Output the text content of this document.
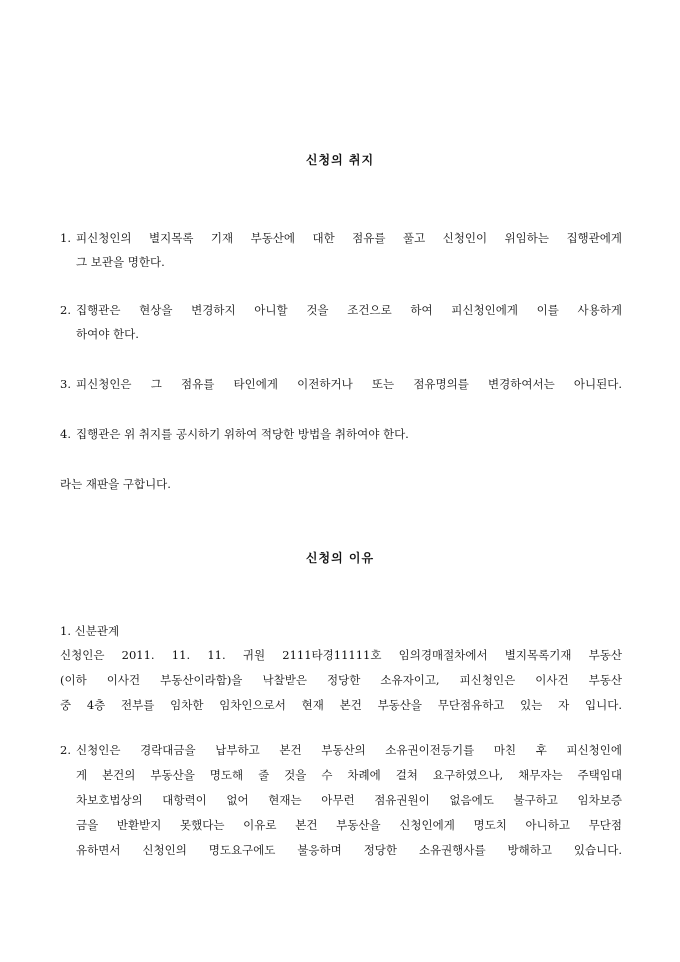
신청의 취지
1. 피신청인의 별지목록 기재 부동산에 대한 점유를 풀고 신청인이 위임하는 집행관에게
그 보관을 명한다.
2. 집행관은 현상을 변경하지 아니할 것을 조건으로 하여 피신청인에게 이를 사용하게
하여야 한다.
3. 피신청인은 그 점유를 타인에게 이전하거나 또는 점유명의를 변경하여서는 아니된다.
4. 집행관은 위 취지를 공시하기 위하여 적당한 방법을 취하여야 한다.
라는 재판을 구합니다.
신청의 이유
1. 신분관계
신청인은 2011. 11. 11. 귀원 2111타경11111호 임의경매절차에서 별지목록기재 부동산
(이하 이사건 부동산이라함)을 낙찰받은 정당한 소유자이고, 피신청인은 이사건 부동산
중 4층 전부를 임차한 임차인으로서 현재 본건 부동산을 무단점유하고 있는 자 입니다.
2. 신청인은 경락대금을 납부하고 본건 부동산의 소유권이전등기를 마친 후 피신청인에
게 본건의 부동산을 명도해 줄 것을 수 차례에 걸쳐 요구하였으나, 채무자는 주택임대
차보호법상의 대항력이 없어 현재는 아무런 점유권원이 없음에도 불구하고 임차보증
금을 반환받지 못했다는 이유로 본건 부동산을 신청인에게 명도치 아니하고 무단점
유하면서 신청인의 명도요구에도 불응하며 정당한 소유권행사를 방해하고 있습니다.
